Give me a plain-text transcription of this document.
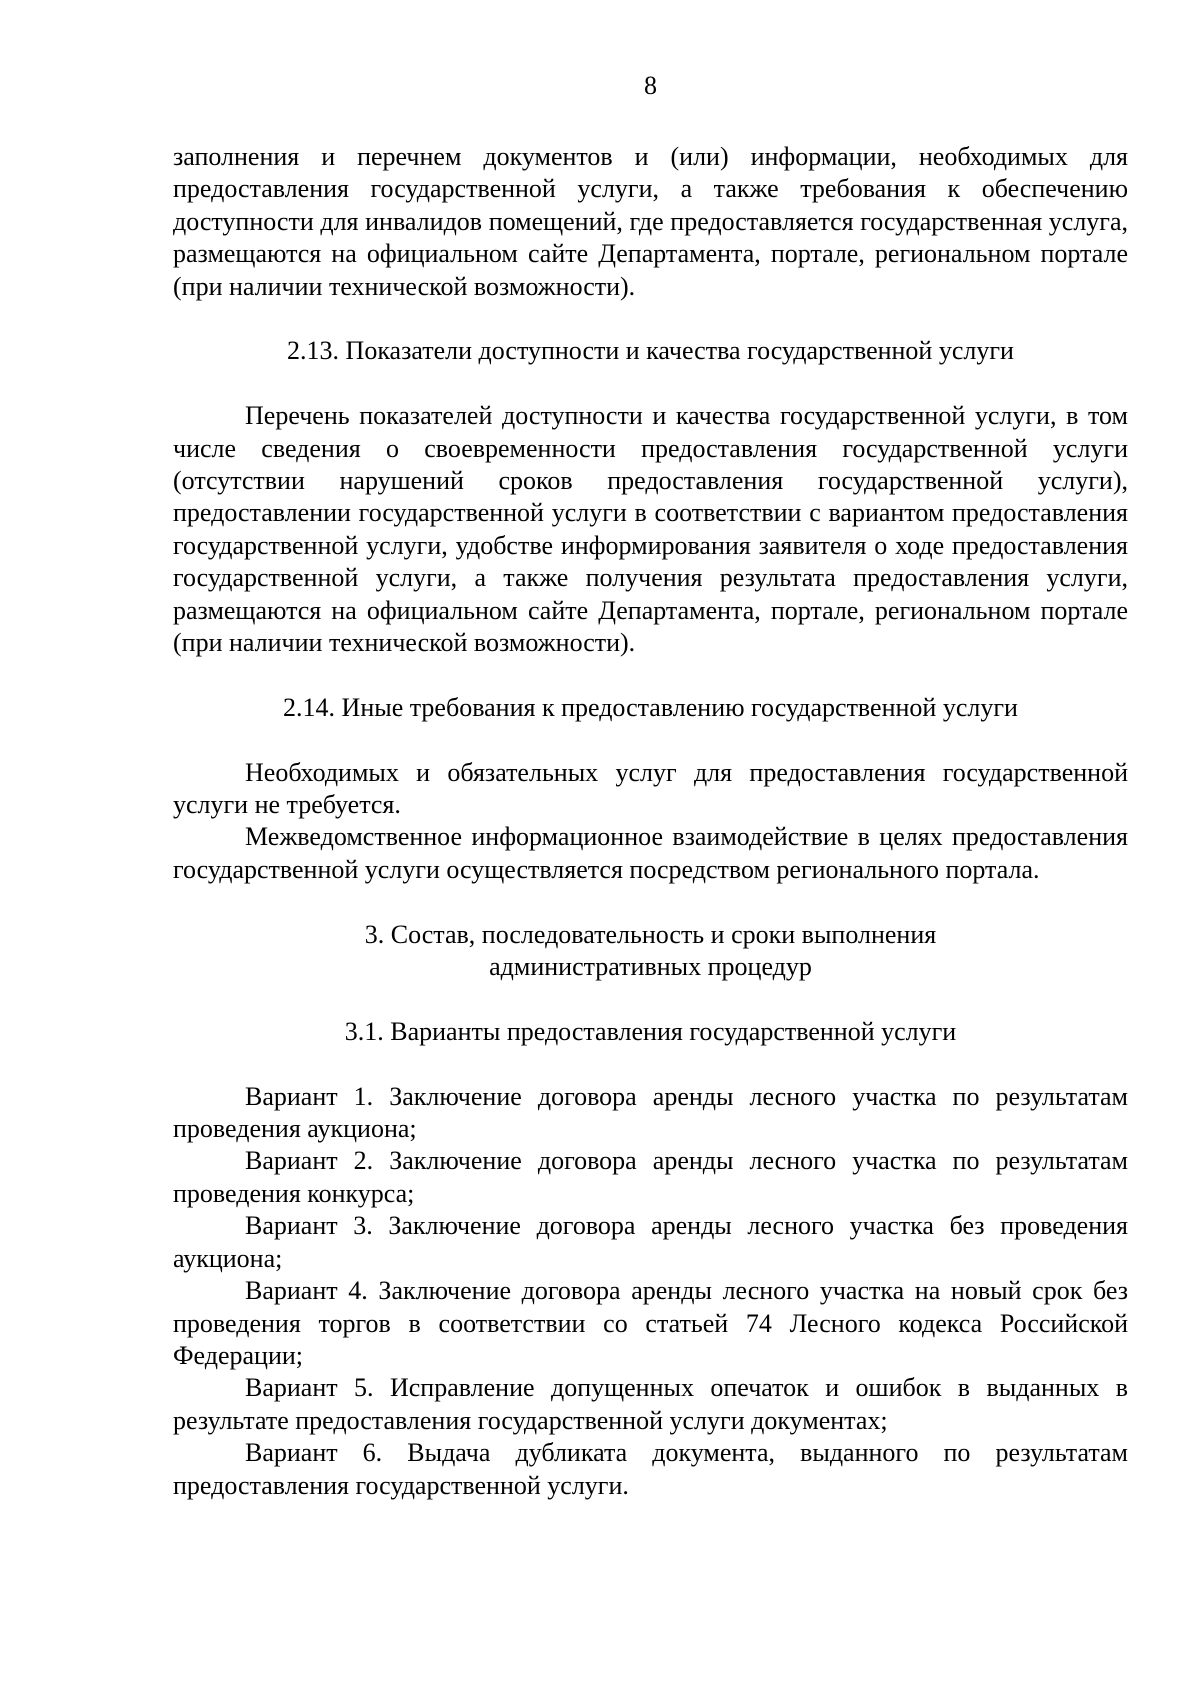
8

заполнения и перечнем документов и (или) информации, необходимых для предоставления государственной услуги, а также требования к обеспечению доступности для инвалидов помещений, где предоставляется государственная услуга, размещаются на официальном сайте Департамента, портале, региональном портале (при наличии технической возможности).

2.13. Показатели доступности и качества государственной услуги

Перечень показателей доступности и качества государственной услуги, в том числе сведения о своевременности предоставления государственной услуги (отсутствии нарушений сроков предоставления государственной услуги), предоставлении государственной услуги в соответствии с вариантом предоставления государственной услуги, удобстве информирования заявителя о ходе предоставления государственной услуги, а также получения результата предоставления услуги, размещаются на официальном сайте Департамента, портале, региональном портале (при наличии технической возможности).

2.14. Иные требования к предоставлению государственной услуги

Необходимых и обязательных услуг для предоставления государственной услуги не требуется.

Межведомственное информационное взаимодействие в целях предоставления государственной услуги осуществляется посредством регионального портала.

3. Состав, последовательность и сроки выполнения

административных процедур

3.1. Варианты предоставления государственной услуги

Вариант 1. Заключение договора аренды лесного участка по результатам проведения аукциона;

Вариант 2. Заключение договора аренды лесного участка по результатам проведения конкурса;

Вариант 3. Заключение договора аренды лесного участка без проведения аукциона;

Вариант 4. Заключение договора аренды лесного участка на новый срок без проведения торгов в соответствии со статьей 74 Лесного кодекса Российской Федерации;

Вариант 5. Исправление допущенных опечаток и ошибок в выданных в результате предоставления государственной услуги документах;

Вариант 6. Выдача дубликата документа, выданного по результатам предоставления государственной услуги.
